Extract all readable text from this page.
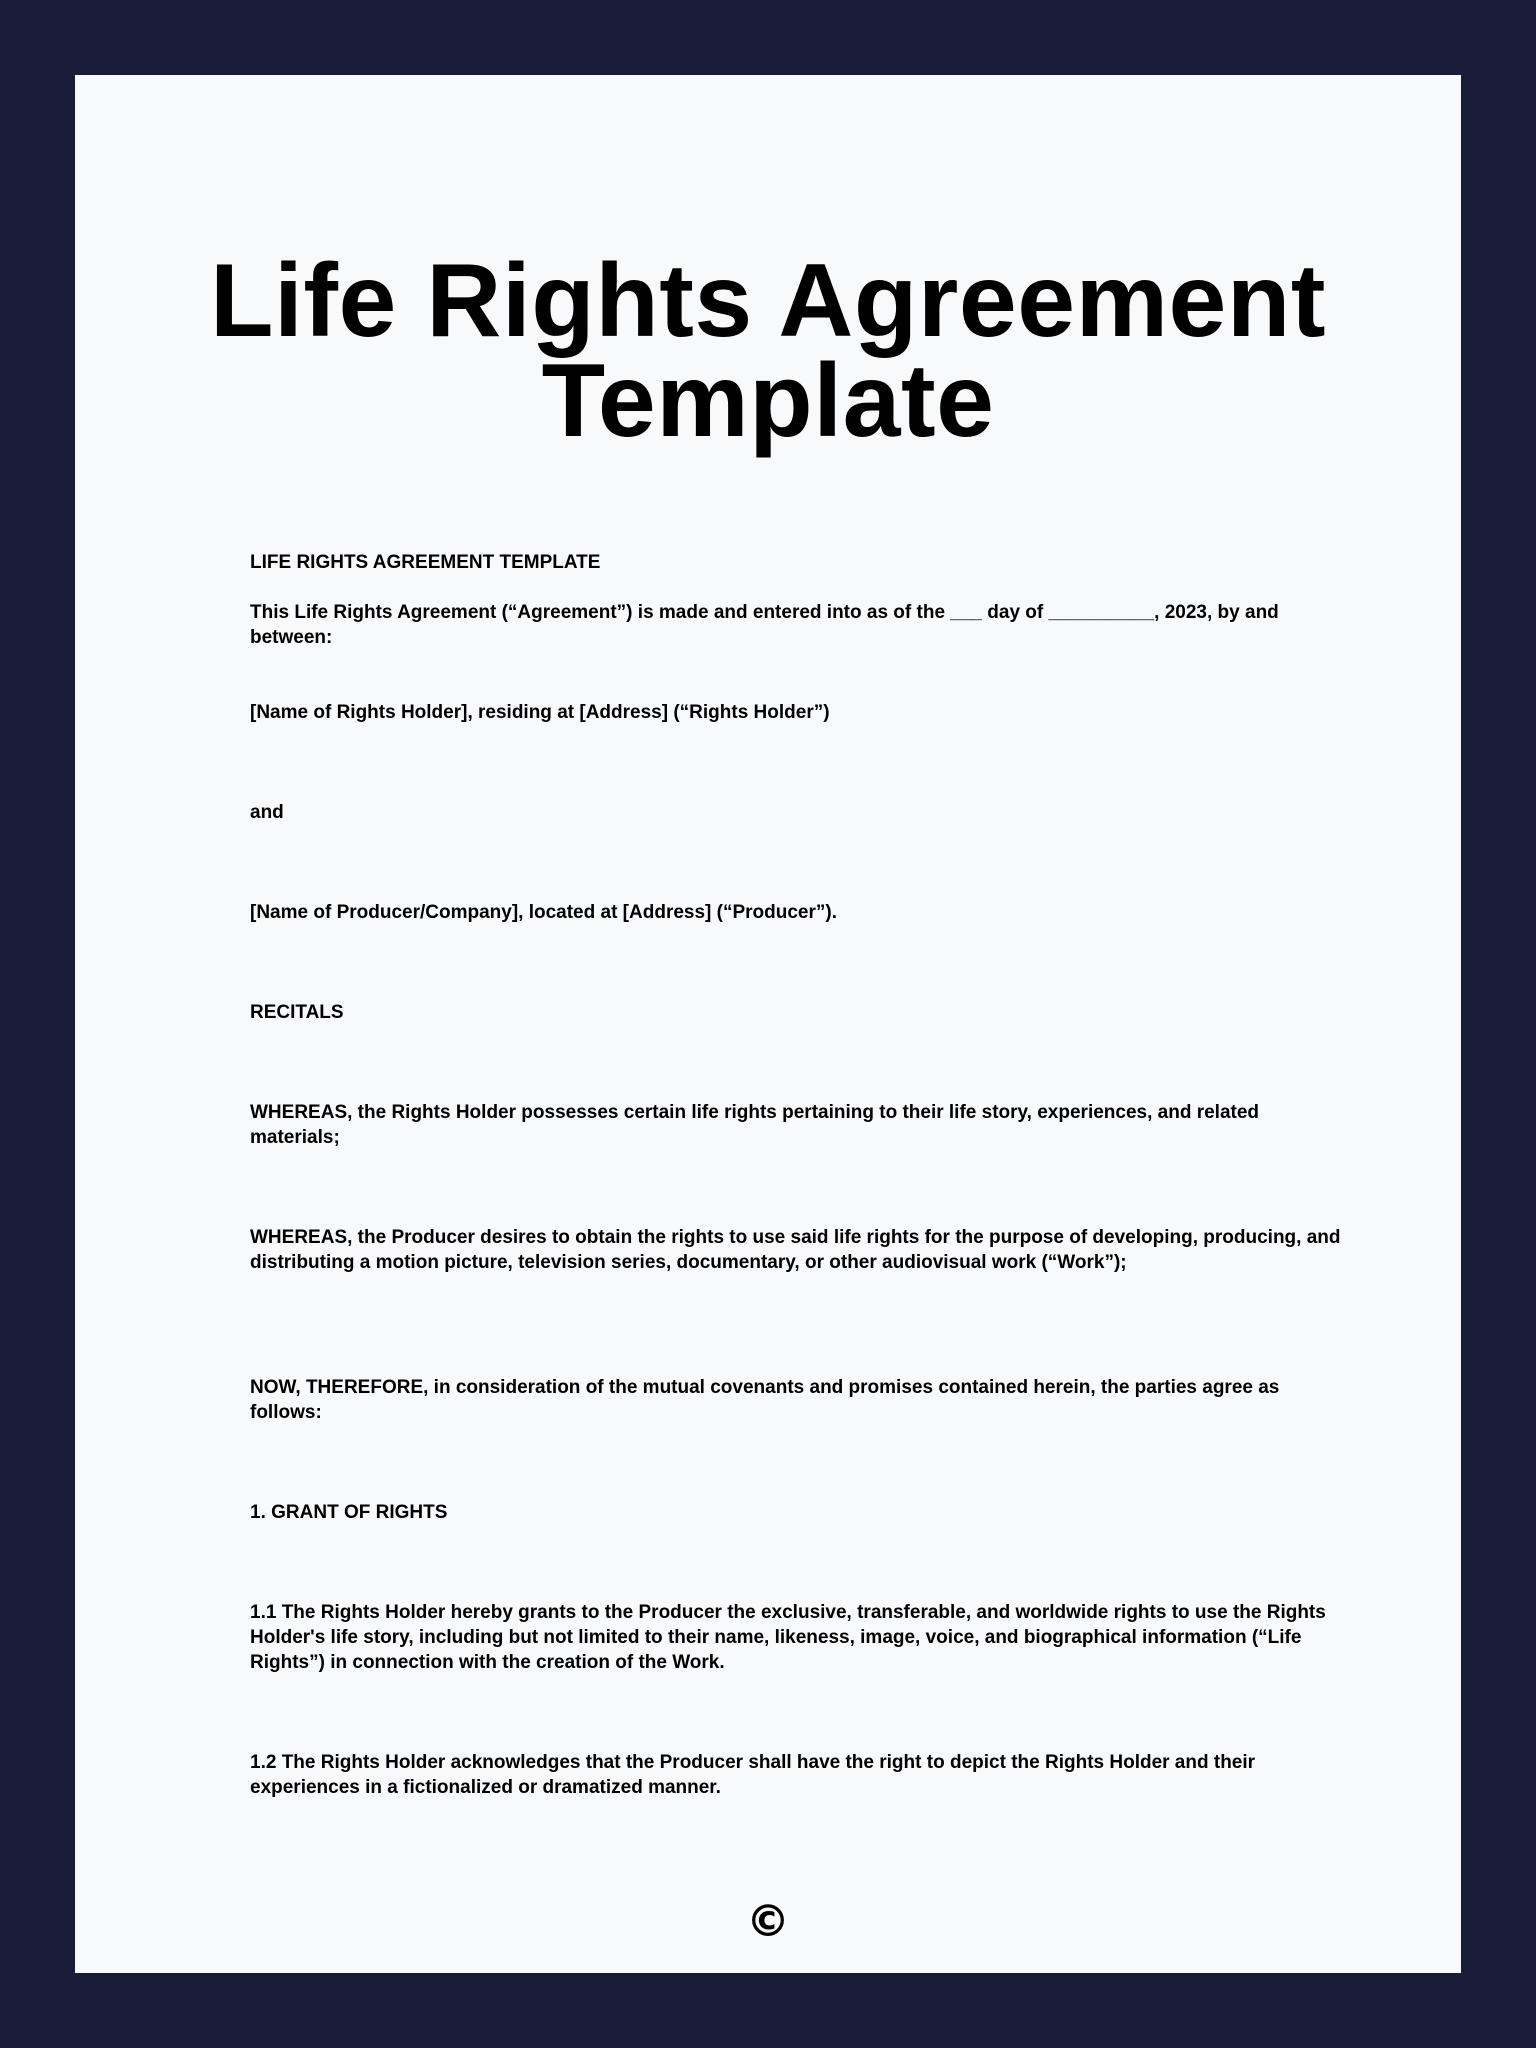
Life Rights Agreement
Template

LIFE RIGHTS AGREEMENT TEMPLATE

This Life Rights Agreement (“Agreement”) is made and entered into as of the ___ day of __________, 2023, by and between:

[Name of Rights Holder], residing at [Address] (“Rights Holder”)

and

[Name of Producer/Company], located at [Address] (“Producer”).

RECITALS

WHEREAS, the Rights Holder possesses certain life rights pertaining to their life story, experiences, and related materials;

WHEREAS, the Producer desires to obtain the rights to use said life rights for the purpose of developing, producing, and distributing a motion picture, television series, documentary, or other audiovisual work (“Work”);

NOW, THEREFORE, in consideration of the mutual covenants and promises contained herein, the parties agree as follows:

1. GRANT OF RIGHTS

1.1 The Rights Holder hereby grants to the Producer the exclusive, transferable, and worldwide rights to use the Rights Holder's life story, including but not limited to their name, likeness, image, voice, and biographical information (“Life Rights”) in connection with the creation of the Work.

1.2 The Rights Holder acknowledges that the Producer shall have the right to depict the Rights Holder and their experiences in a fictionalized or dramatized manner.

©
